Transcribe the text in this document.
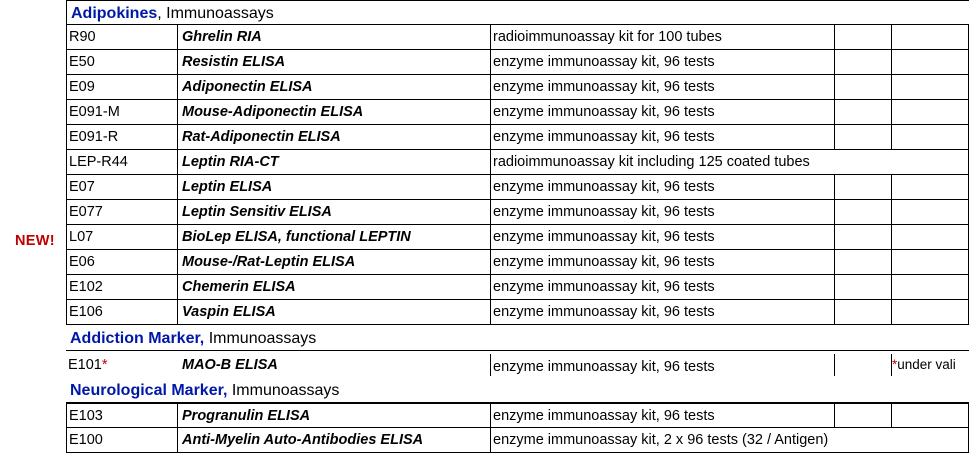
Adipokines, Immunoassays
R90	Ghrelin RIA	radioimmunoassay kit for 100 tubes
E50	Resistin ELISA	enzyme immunoassay kit, 96 tests
E09	Adiponectin ELISA	enzyme immunoassay kit, 96 tests
E091-M	Mouse-Adiponectin ELISA	enzyme immunoassay kit, 96 tests
E091-R	Rat-Adiponectin ELISA	enzyme immunoassay kit, 96 tests
LEP-R44	Leptin RIA-CT	radioimmunoassay kit including 125 coated tubes
E07	Leptin ELISA	enzyme immunoassay kit, 96 tests
E077	Leptin Sensitiv ELISA	enzyme immunoassay kit, 96 tests
L07	BioLep ELISA, functional LEPTIN	enzyme immunoassay kit, 96 tests
NEW!
E06	Mouse-/Rat-Leptin ELISA	enzyme immunoassay kit, 96 tests
E102	Chemerin ELISA	enzyme immunoassay kit, 96 tests
E106	Vaspin ELISA	enzyme immunoassay kit, 96 tests
Addiction Marker, Immunoassays
E101*	MAO-B ELISA	enzyme immunoassay kit, 96 tests	*under vali
Neurological Marker, Immunoassays
E103	Progranulin ELISA	enzyme immunoassay kit, 96 tests
E100	Anti-Myelin Auto-Antibodies ELISA	enzyme immunoassay kit, 2 x 96 tests (32 / Antigen)
